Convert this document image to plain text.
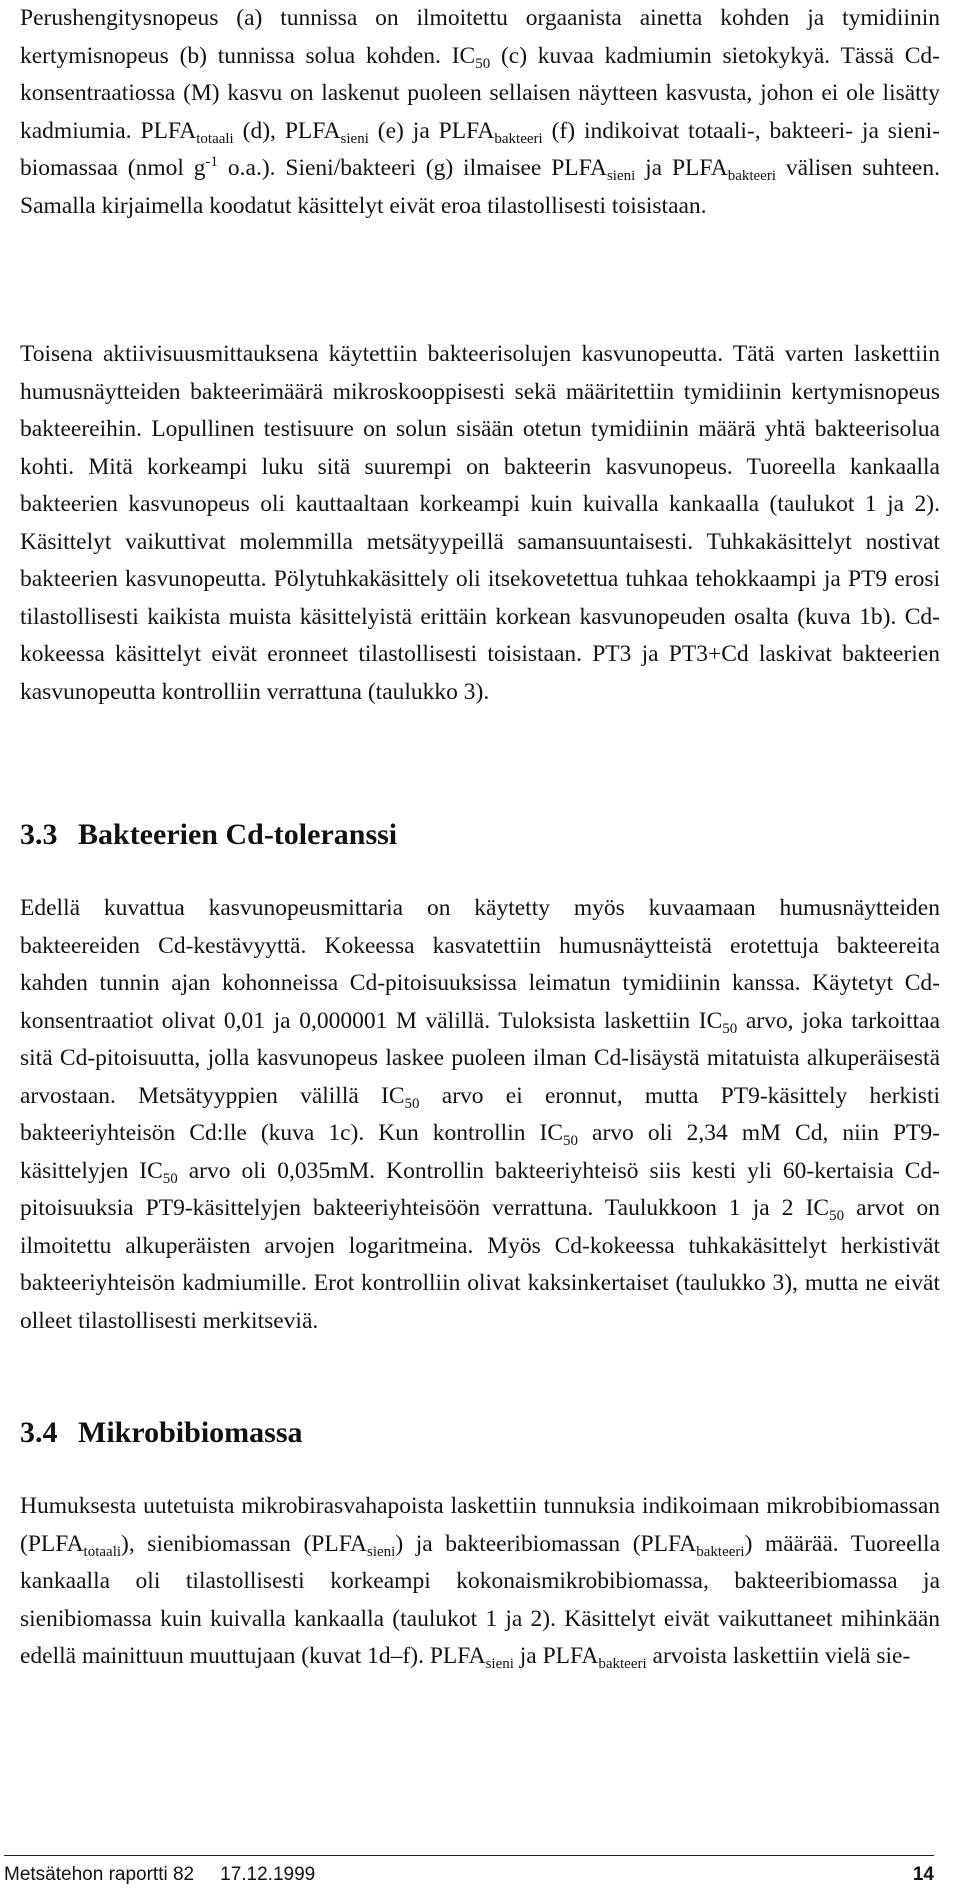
Perushengitysnopeus (a) tunnissa on ilmoitettu orgaanista ainetta kohden ja tymidiinin kertymisnopeus (b) tunnissa solua kohden. $IC_{50}$ (c) kuvaa kadmiumin sietokykyä. Tässä Cd-konsentraatiossa (M) kasvu on laskenut puoleen sellaisen näytteen kasvusta, johon ei ole lisätty kadmiumia. $PLFA_{totaali}$ (d), $PLFA_{sieni}$ (e) ja $PLFA_{bakteeri}$ (f) indikoivat totaali-, bakteeri- ja sieni-biomassaa (nmol $g^{-1}$ o.a.). Sieni/bakteeri (g) ilmaisee $PLFA_{sieni}$ ja $PLFA_{bakteeri}$ välisen suhteen. Samalla kirjaimella koodatut käsittelyt eivät eroa tilastollisesti toisistaan.

Toisena aktiivisuusmittauksena käytettiin bakteerisolujen kasvunopeutta. Tätä varten laskettiin humusnäytteiden bakteerimäärä mikroskooppisesti sekä määritettiin tymidiinin kertymisnopeus bakteereihin. Lopullinen testisuure on solun sisään otetun tymidiinin määrä yhtä bakteerisolua kohti. Mitä korkeampi luku sitä suurempi on bakteerin kasvunopeus. Tuoreella kankaalla bakteerien kasvunopeus oli kauttaaltaan korkeampi kuin kuivalla kankaalla (taulukot 1 ja 2). Käsittelyt vaikuttivat molemmilla metsätyypeillä samansuuntaisesti. Tuhkakäsittelyt nostivat bakteerien kasvunopeutta. Pölytuhkakäsittely oli itsekovetettua tuhkaa tehokkaampi ja PT9 erosi tilastollisesti kaikista muista käsittelyistä erittäin korkean kasvunopeuden osalta (kuva 1b). Cd-kokeessa käsittelyt eivät eronneet tilastollisesti toisistaan. PT3 ja PT3+Cd laskivat bakteerien kasvunopeutta kontrolliin verrattuna (taulukko 3).

3.3 Bakteerien Cd-toleranssi

Edellä kuvattua kasvunopeusmittaria on käytetty myös kuvaamaan humusnäytteiden bakteereiden Cd-kestävyyttä. Kokeessa kasvatettiin humusnäytteistä erotettuja bakteereita kahden tunnin ajan kohonneissa Cd-pitoisuuksissa leimatun tymidiinin kanssa. Käytetyt Cd-konsentraatiot olivat 0,01 ja 0,000001 M välillä. Tuloksista laskettiin $IC_{50}$ arvo, joka tarkoittaa sitä Cd-pitoisuutta, jolla kasvunopeus laskee puoleen ilman Cd-lisäystä mitatuista alkuperäisestä arvostaan. Metsätyyppien välillä $IC_{50}$ arvo ei eronnut, mutta PT9-käsittely herkisti bakteeriyhteisön Cd:lle (kuva 1c). Kun kontrollin $IC_{50}$ arvo oli 2,34 mM Cd, niin PT9-käsittelyjen $IC_{50}$ arvo oli 0,035mM. Kontrollin bakteeriyhteisö siis kesti yli 60-kertaisia Cd-pitoisuuksia PT9-käsittelyjen bakteeriyhteisöön verrattuna. Taulukkoon 1 ja 2 $IC_{50}$ arvot on ilmoitettu alkuperäisten arvojen logaritmeina. Myös Cd-kokeessa tuhkakäsittelyt herkistivät bakteeriyhteisön kadmiumille. Erot kontrolliin olivat kaksinkertaiset (taulukko 3), mutta ne eivät olleet tilastollisesti merkitseviä.

3.4 Mikrobibiomassa

Humuksesta uutetuista mikrobirasvahapoista laskettiin tunnuksia indikoimaan mikrobibiomassan $(PLFA_{totaali})$, sienibiomassan $(PLFA_{sieni})$ ja bakteeribiomassan $(PLFA_{bakteeri})$ määrää. Tuoreella kankaalla oli tilastollisesti korkeampi kokonaismikrobibiomassa, bakteeribiomassa ja sienibiomassa kuin kuivalla kankaalla (taulukot 1 ja 2). Käsittelyt eivät vaikuttaneet mihinkään edellä mainittuun muuttujaan (kuvat 1d–f). $PLFA_{sieni}$ ja $PLFA_{bakteeri}$ arvoista laskettiin vielä sie-

Metsätehon raportti 82 17.12.1999	14
